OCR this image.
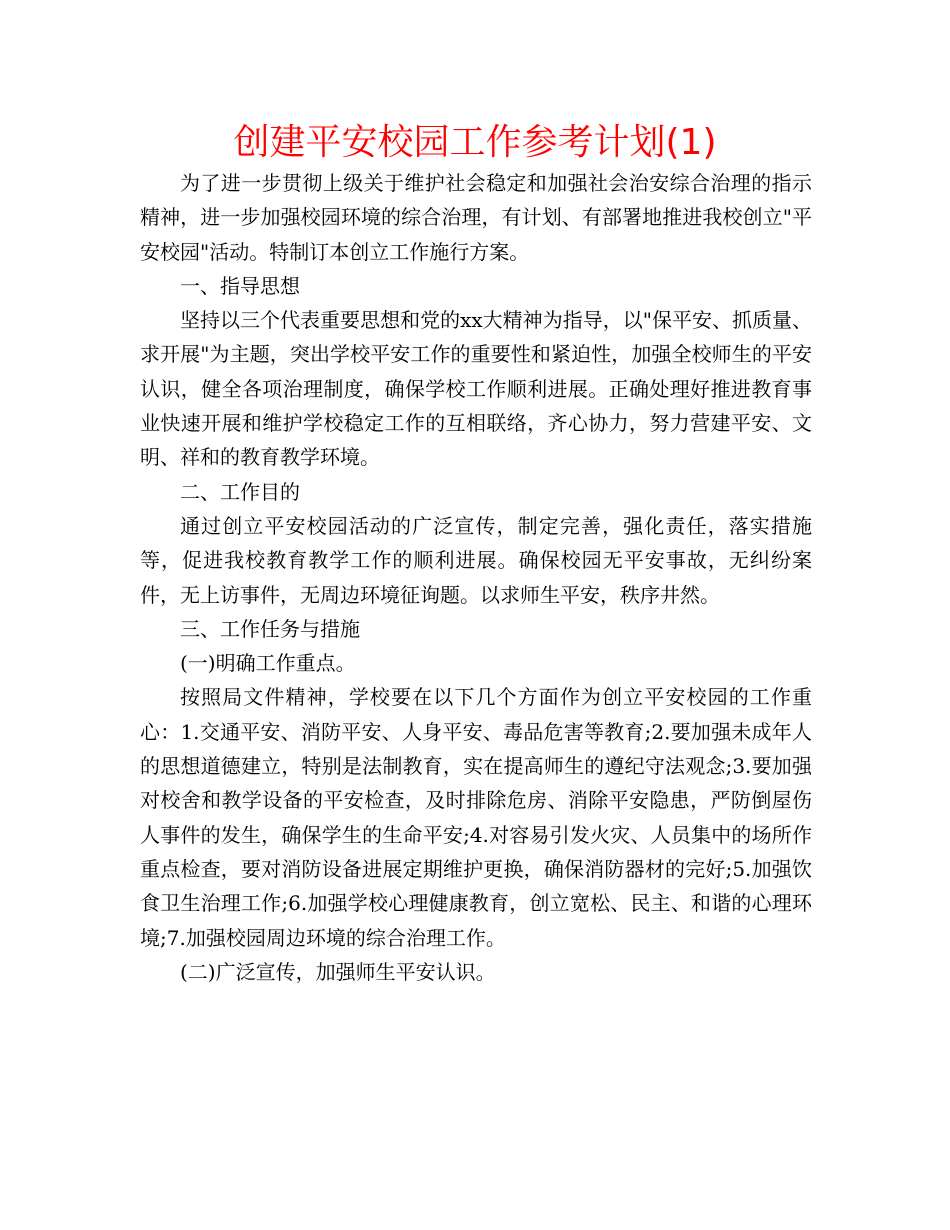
创建平安校园工作参考计划(1)

为了进一步贯彻上级关于维护社会稳定和加强社会治安综合治理的指示精神，进一步加强校园环境的综合治理，有计划、有部署地推进我校创立"平安校园"活动。特制订本创立工作施行方案。

一、指导思想

坚持以三个代表重要思想和党的xx大精神为指导，以"保平安、抓质量、求开展"为主题，突出学校平安工作的重要性和紧迫性，加强全校师生的平安认识，健全各项治理制度，确保学校工作顺利进展。正确处理好推进教育事业快速开展和维护学校稳定工作的互相联络，齐心协力，努力营建平安、文明、祥和的教育教学环境。

二、工作目的

通过创立平安校园活动的广泛宣传，制定完善，强化责任，落实措施等，促进我校教育教学工作的顺利进展。确保校园无平安事故，无纠纷案件，无上访事件，无周边环境征询题。以求师生平安，秩序井然。

三、工作任务与措施

(一)明确工作重点。

按照局文件精神，学校要在以下几个方面作为创立平安校园的工作重心：1.交通平安、消防平安、人身平安、毒品危害等教育;2.要加强未成年人的思想道德建立，特别是法制教育，实在提高师生的遵纪守法观念;3.要加强对校舍和教学设备的平安检查，及时排除危房、消除平安隐患，严防倒屋伤人事件的发生，确保学生的生命平安;4.对容易引发火灾、人员集中的场所作重点检查，要对消防设备进展定期维护更换，确保消防器材的完好;5.加强饮食卫生治理工作;6.加强学校心理健康教育，创立宽松、民主、和谐的心理环境;7.加强校园周边环境的综合治理工作。

(二)广泛宣传，加强师生平安认识。
